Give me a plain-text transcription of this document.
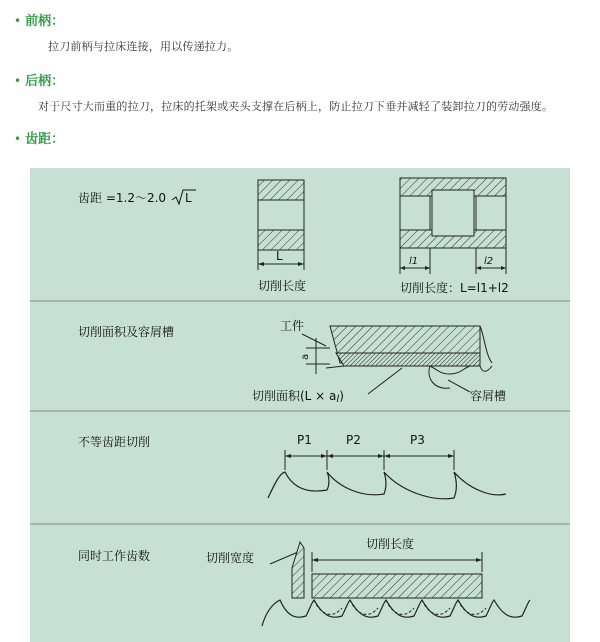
• 前柄：
拉刀前柄与拉床连接，用以传递拉力。
• 后柄：
对于尺寸大而重的拉刀，拉床的托架或夹头支撑在后柄上，防止拉刀下垂并减轻了装卸拉刀的劳动强度。
• 齿距：
齿距 =1.2～2.0 L
L
切削长度
l1	l2
切削长度：L=l1+l2
切削面积及容屑槽	工件
a
切削面积(L × al)	容屑槽
不等齿距切削	P1	P2	P3
同时工作齿数	切削宽度
切削长度
